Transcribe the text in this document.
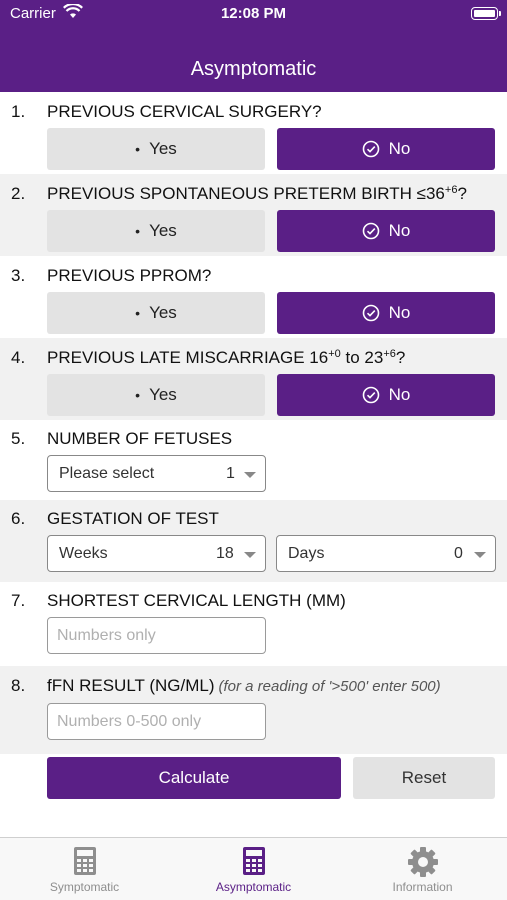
Carrier	12:08 PM
Asymptomatic
1. PREVIOUS CERVICAL SURGERY?
• Yes	No
2. PREVIOUS SPONTANEOUS PRETERM BIRTH $\le 36^{+6}$?
• Yes	No
3. PREVIOUS PPROM?
• Yes	No
4. PREVIOUS LATE MISCARRIAGE $16^{+0}$ to $23^{+6}$?
• Yes	No
5. NUMBER OF FETUSES
Please select	1
6. GESTATION OF TEST
Weeks	18	Days	0
7. SHORTEST CERVICAL LENGTH (MM)
Numbers only
8. fFN RESULT (NG/ML) (for a reading of '>500' enter 500)
Numbers 0-500 only
Calculate	Reset
Symptomatic	Asymptomatic	Information
